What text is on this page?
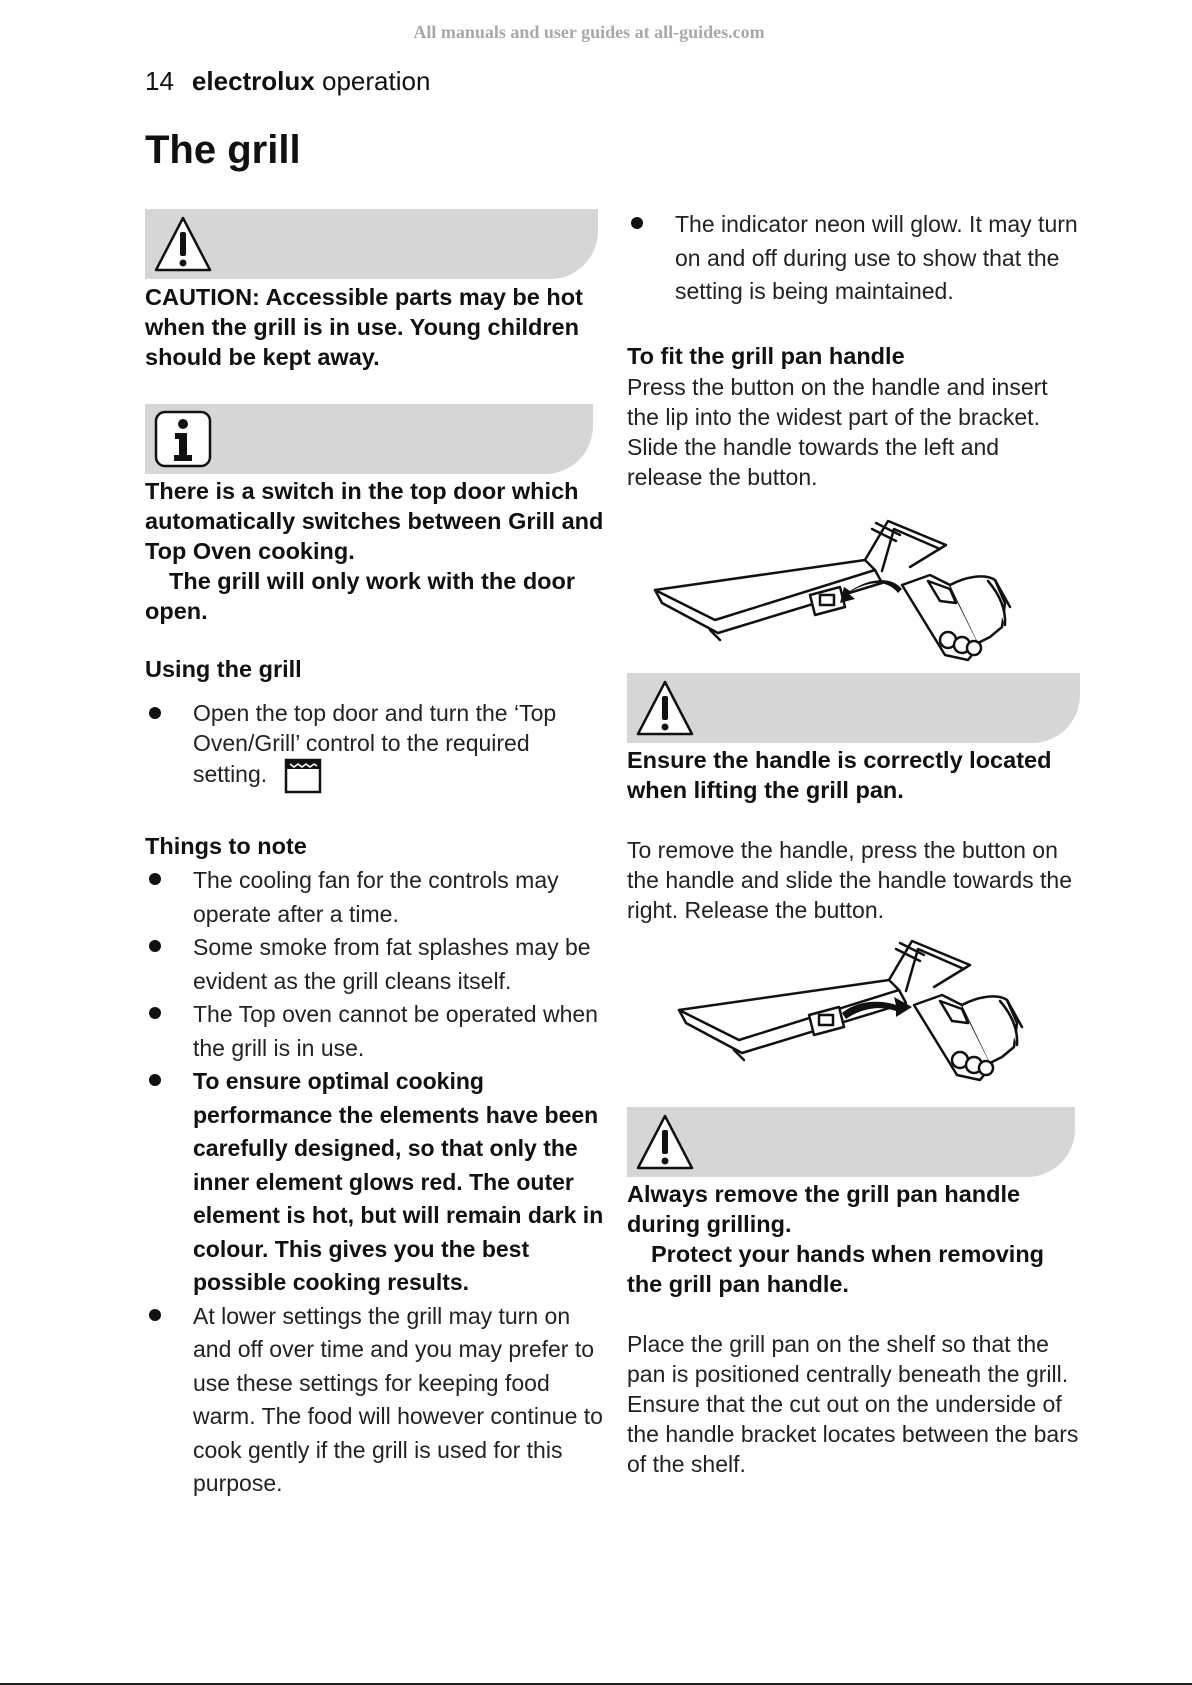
All manuals and user guides at all-guides.com
14 electrolux operation
The grill
CAUTION: Accessible parts may be hot when the grill is in use. Young children should be kept away.
There is a switch in the top door which automatically switches between Grill and Top Oven cooking.
The grill will only work with the door open.
Using the grill
Open the top door and turn the ‘Top Oven/Grill’ control to the required setting.
Things to note
The cooling fan for the controls may operate after a time.
Some smoke from fat splashes may be evident as the grill cleans itself.
The Top oven cannot be operated when the grill is in use.
To ensure optimal cooking performance the elements have been carefully designed, so that only the inner element glows red. The outer element is hot, but will remain dark in colour. This gives you the best possible cooking results.
At lower settings the grill may turn on and off over time and you may prefer to use these settings for keeping food warm. The food will however continue to cook gently if the grill is used for this purpose.
The indicator neon will glow. It may turn on and off during use to show that the setting is being maintained.
To fit the grill pan handle
Press the button on the handle and insert the lip into the widest part of the bracket. Slide the handle towards the left and release the button.
Ensure the handle is correctly located when lifting the grill pan.
To remove the handle, press the button on the handle and slide the handle towards the right. Release the button.
Always remove the grill pan handle during grilling.
Protect your hands when removing the grill pan handle.
Place the grill pan on the shelf so that the pan is positioned centrally beneath the grill. Ensure that the cut out on the underside of the handle bracket locates between the bars of the shelf.
